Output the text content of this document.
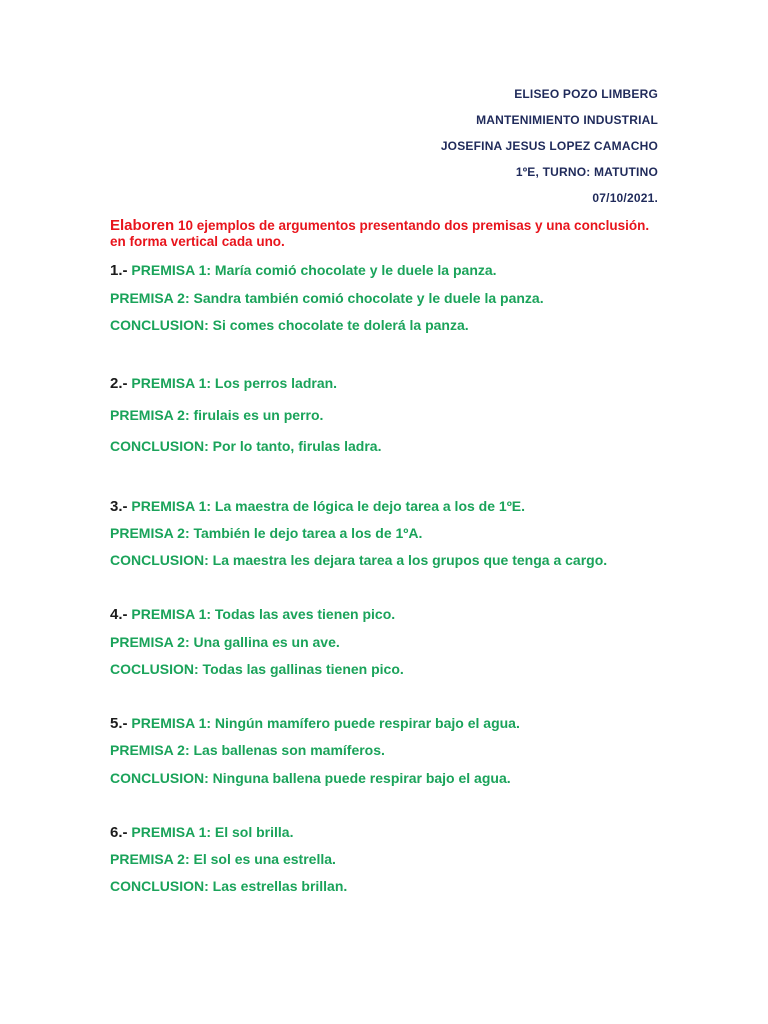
ELISEO POZO LIMBERG
MANTENIMIENTO INDUSTRIAL
JOSEFINA JESUS LOPEZ CAMACHO
1ºE, TURNO: MATUTINO
07/10/2021.
Elaboren 10 ejemplos de argumentos presentando dos premisas y una conclusión.
en forma vertical cada uno.
1.- PREMISA 1: María comió chocolate y le duele la panza.
PREMISA 2: Sandra también comió chocolate y le duele la panza.
CONCLUSION: Si comes chocolate te dolerá la panza.
2.- PREMISA 1: Los perros ladran.
PREMISA 2: firulais es un perro.
CONCLUSION: Por lo tanto, firulas ladra.
3.- PREMISA 1: La maestra de lógica le dejo tarea a los de 1ºE.
PREMISA 2: También le dejo tarea a los de 1ºA.
CONCLUSION: La maestra les dejara tarea a los grupos que tenga a cargo.
4.- PREMISA 1: Todas las aves tienen pico.
PREMISA 2: Una gallina es un ave.
COCLUSION: Todas las gallinas tienen pico.
5.- PREMISA 1: Ningún mamífero puede respirar bajo el agua.
PREMISA 2: Las ballenas son mamíferos.
CONCLUSION: Ninguna ballena puede respirar bajo el agua.
6.- PREMISA 1: El sol brilla.
PREMISA 2: El sol es una estrella.
CONCLUSION: Las estrellas brillan.
